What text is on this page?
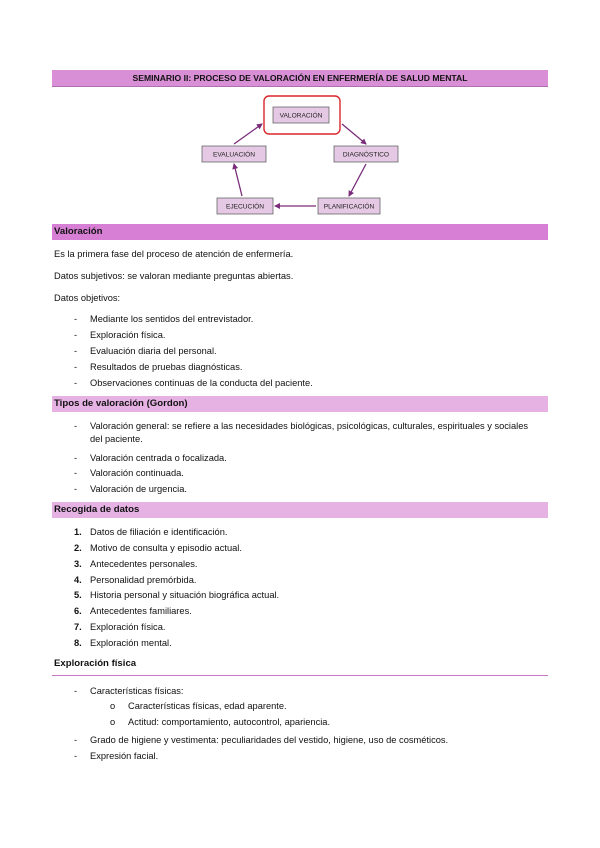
SEMINARIO II: PROCESO DE VALORACIÓN EN ENFERMERÍA DE SALUD MENTAL
VALORACIÓN
EVALUACIÓN	DIAGNÓSTICO
EJECUCIÓN	PLANIFICACIÓN
Valoración
Es la primera fase del proceso de atención de enfermería.
Datos subjetivos: se valoran mediante preguntas abiertas.
Datos objetivos:
-	Mediante los sentidos del entrevistador.
-	Exploración física.
-	Evaluación diaria del personal.
-	Resultados de pruebas diagnósticas.
-	Observaciones continuas de la conducta del paciente.
Tipos de valoración (Gordon)
-	Valoración general: se refiere a las necesidades biológicas, psicológicas, culturales, espirituales y sociales del paciente.
-	Valoración centrada o focalizada.
-	Valoración continuada.
-	Valoración de urgencia.
Recogida de datos
1. Datos de filiación e identificación.
2. Motivo de consulta y episodio actual.
3. Antecedentes personales.
4. Personalidad premórbida.
5. Historia personal y situación biográfica actual.
6. Antecedentes familiares.
7. Exploración física.
8. Exploración mental.
Exploración física
-	Características físicas:
o Características físicas, edad aparente.
o Actitud: comportamiento, autocontrol, apariencia.
-	Grado de higiene y vestimenta: peculiaridades del vestido, higiene, uso de cosméticos.
-	Expresión facial.
